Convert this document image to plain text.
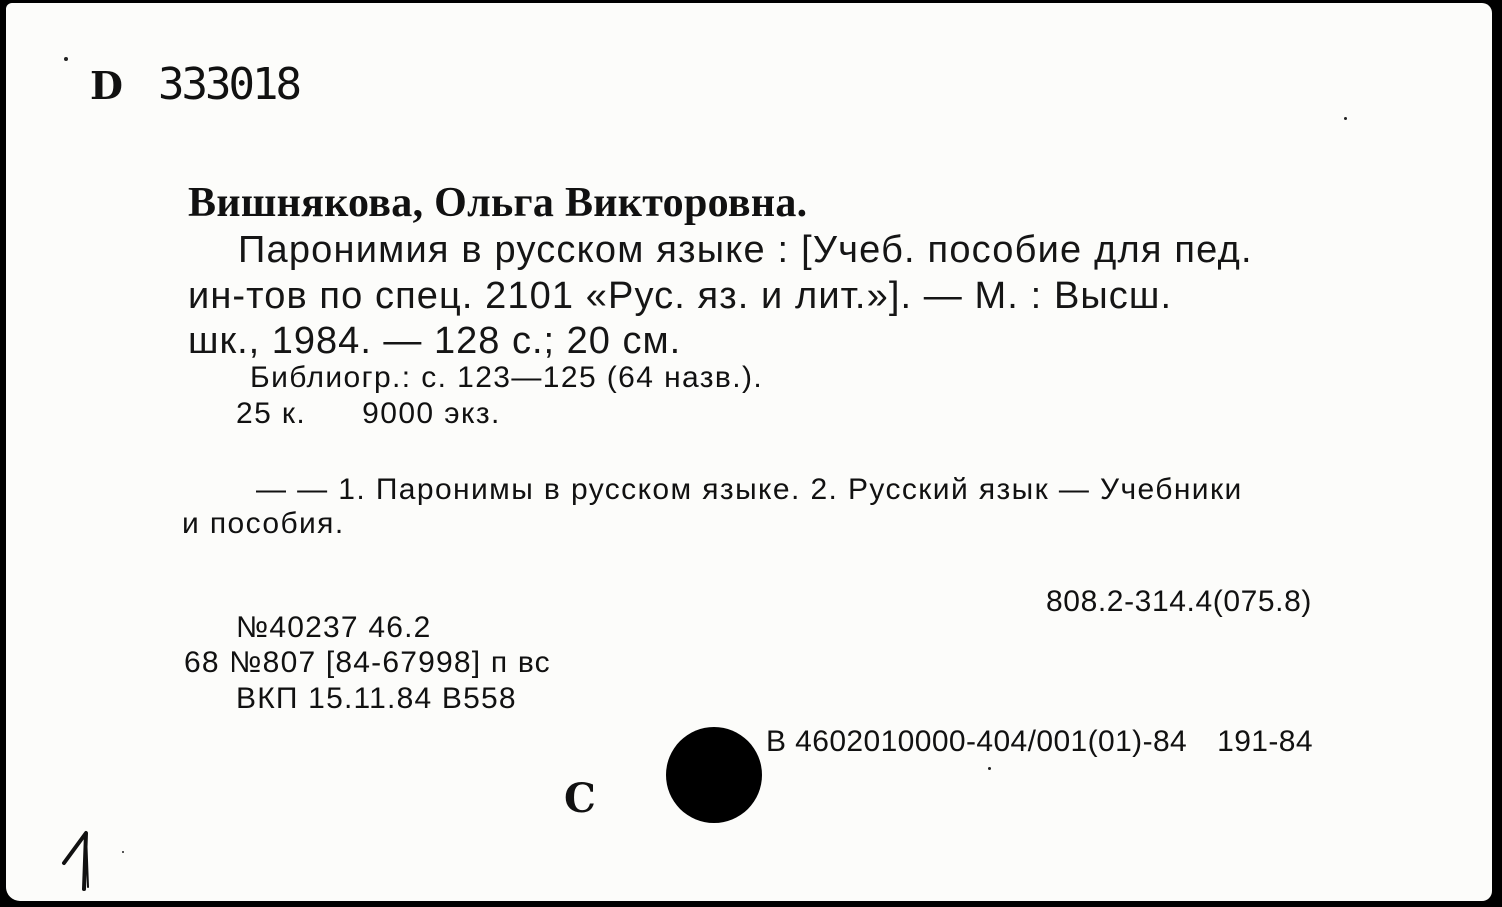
D 333018
Вишнякова, Ольга Викторовна.
Паронимия в русском языке : [Учеб. пособие для пед.
ин-тов по спец. 2101 «Рус. яз. и лит.»]. — М. : Высш.
шк., 1984. — 128 с.; 20 см.
Библиогр.: с. 123—125 (64 назв.).
25 к. 9000 экз.
— — 1. Паронимы в русском языке. 2. Русский язык — Учебники
и пособия.
808.2-314.4(075.8)
№40237 46.2
68 №807 [84-67998] п вс
ВКП 15.11.84 В558
В 4602010000-404/001(01)-84 191-84
С
